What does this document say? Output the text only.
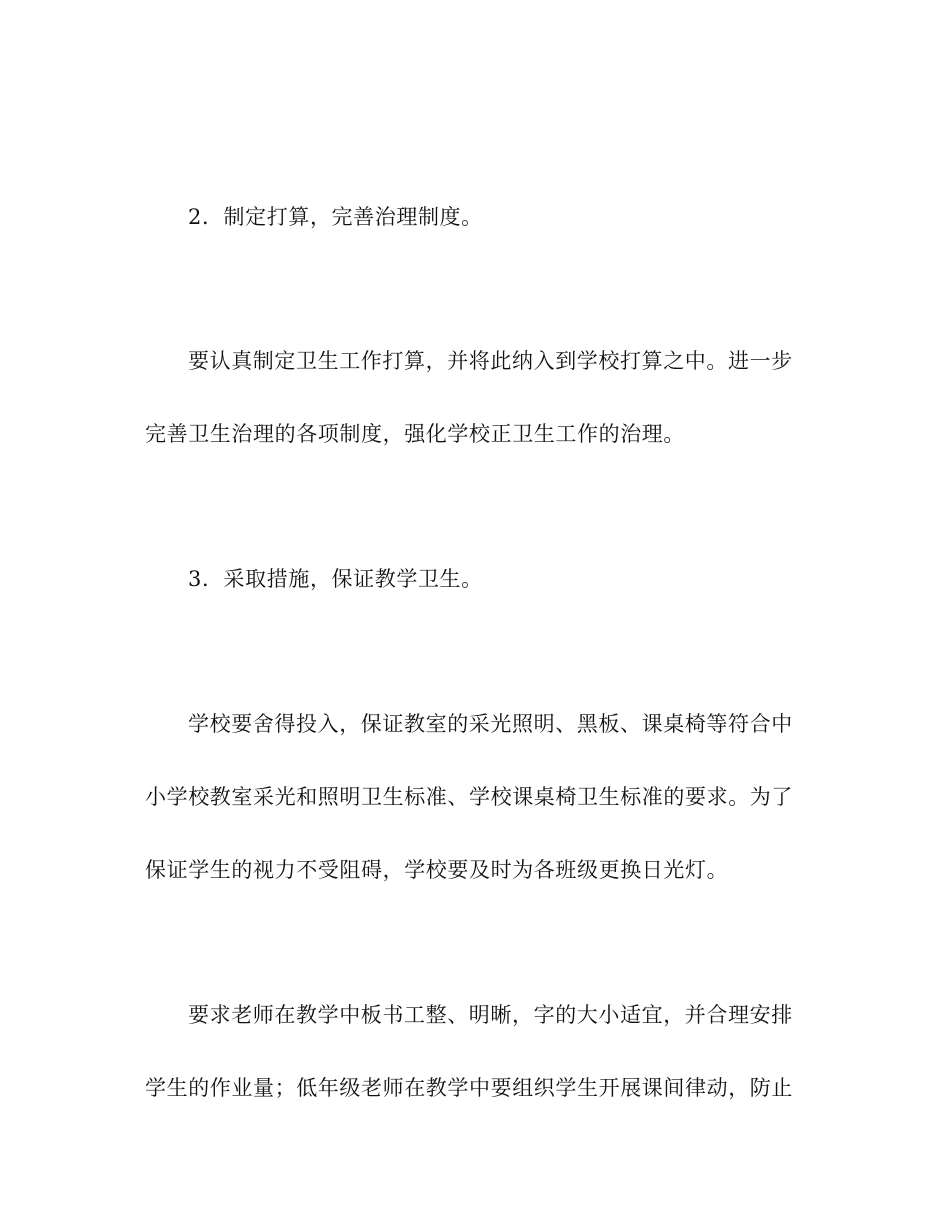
2．制定打算，完善治理制度。

要认真制定卫生工作打算，并将此纳入到学校打算之中。进一步

完善卫生治理的各项制度，强化学校正卫生工作的治理。

3．采取措施，保证教学卫生。

学校要舍得投入，保证教室的采光照明、黑板、课桌椅等符合中

小学校教室采光和照明卫生标准、学校课桌椅卫生标准的要求。为了

保证学生的视力不受阻碍，学校要及时为各班级更换日光灯。

要求老师在教学中板书工整、明晰，字的大小适宜，并合理安排

学生的作业量；低年级老师在教学中要组织学生开展课间律动，防止
